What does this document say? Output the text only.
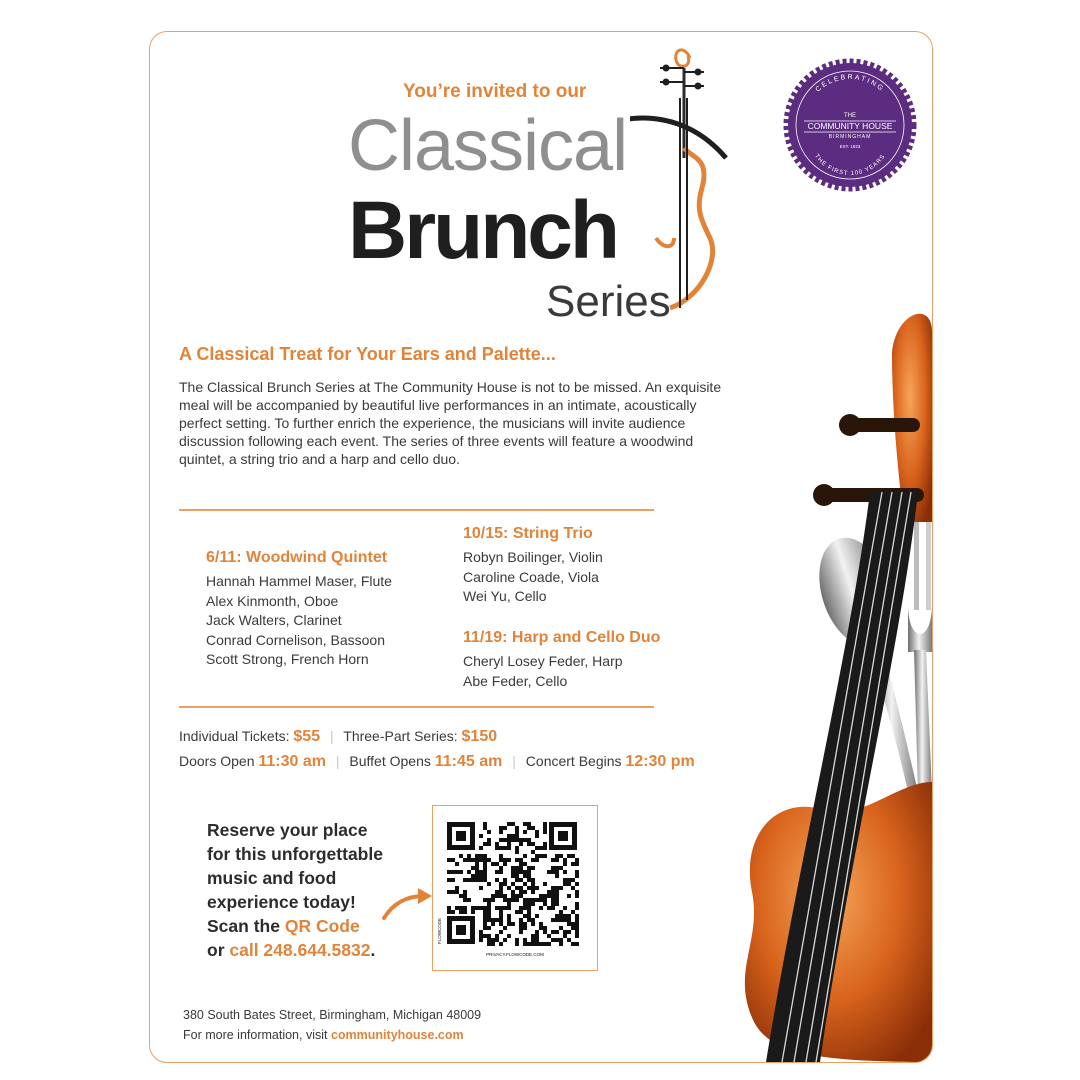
You’re invited to our
Classical
Brunch
Series
CELEBRATING
THE FIRST 100 YEARS
THE
COMMUNITY HOUSE
BIRMINGHAM
EST. 1923
A Classical Treat for Your Ears and Palette...
The Classical Brunch Series at The Community House is not to be missed. An exquisite meal will be accompanied by beautiful live performances in an intimate, acoustically perfect setting. To further enrich the experience, the musicians will invite audience discussion following each event. The series of three events will feature a woodwind quintet, a string trio and a harp and cello duo.
6/11: Woodwind Quintet
Hannah Hammel Maser, Flute
Alex Kinmonth, Oboe
Jack Walters, Clarinet
Conrad Cornelison, Bassoon
Scott Strong, French Horn
10/15: String Trio
Robyn Boilinger, Violin
Caroline Coade, Viola
Wei Yu, Cello
11/19: Harp and Cello Duo
Cheryl Losey Feder, Harp
Abe Feder, Cello
Individual Tickets: $55 | Three-Part Series: $150
Doors Open 11:30 am | Buffet Opens 11:45 am | Concert Begins 12:30 pm
Reserve your place
for this unforgettable
music and food
experience today!
Scan the QR Code
or call 248.644.5832.
FLOWCODE
PRIVACY.FLOWCODE.COM
380 South Bates Street, Birmingham, Michigan 48009
For more information, visit communityhouse.com
